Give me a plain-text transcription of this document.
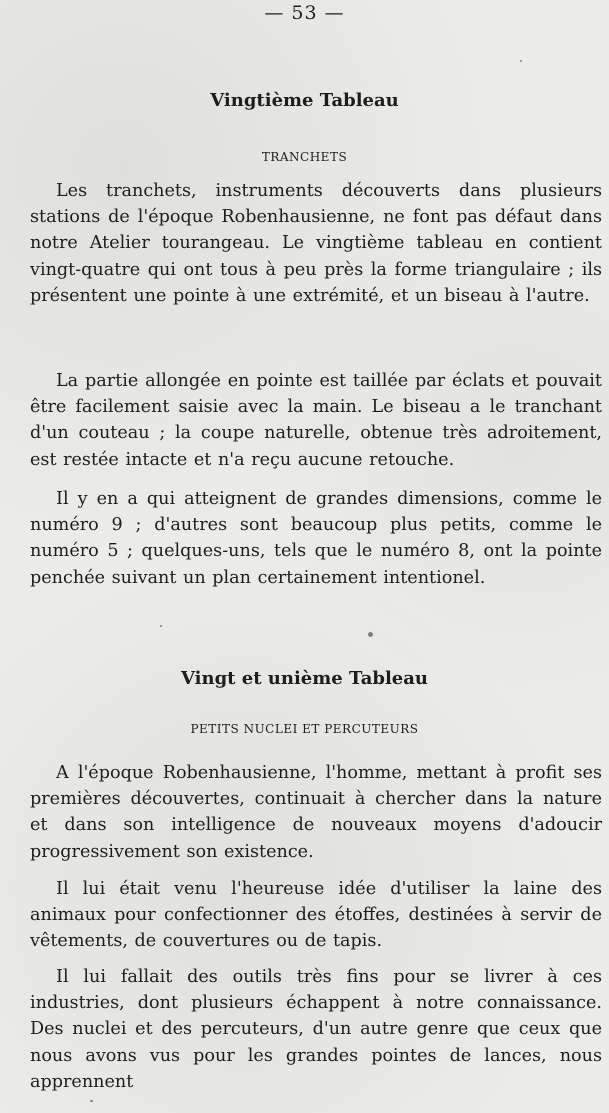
— 53 —
Vingtième Tableau
TRANCHETS

Les tranchets, instruments découverts dans plusieurs stations de l'époque Robenhausienne, ne font pas défaut dans notre Atelier tourangeau. Le vingtième tableau en contient vingt-quatre qui ont tous à peu près la forme triangulaire ; ils présentent une pointe à une extrémité, et un biseau à l'autre.

La partie allongée en pointe est taillée par éclats et pouvait être facilement saisie avec la main. Le biseau a le tranchant d'un couteau ; la coupe naturelle, obtenue très adroitement, est restée intacte et n'a reçu aucune retouche.

Il y en a qui atteignent de grandes dimensions, comme le numéro 9 ; d'autres sont beaucoup plus petits, comme le numéro 5 ; quelques-uns, tels que le numéro 8, ont la pointe penchée suivant un plan certainement intentionel.

Vingt et unième Tableau
PETITS NUCLEI ET PERCUTEURS

A l'époque Robenhausienne, l'homme, mettant à profit ses premières découvertes, continuait à chercher dans la nature et dans son intelligence de nouveaux moyens d'adoucir progressivement son existence.

Il lui était venu l'heureuse idée d'utiliser la laine des animaux pour confectionner des étoffes, destinées à servir de vêtements, de couvertures ou de tapis.

Il lui fallait des outils très fins pour se livrer à ces industries, dont plusieurs échappent à notre connaissance. Des nuclei et des percuteurs, d'un autre genre que ceux que nous avons vus pour les grandes pointes de lances, nous apprennent
